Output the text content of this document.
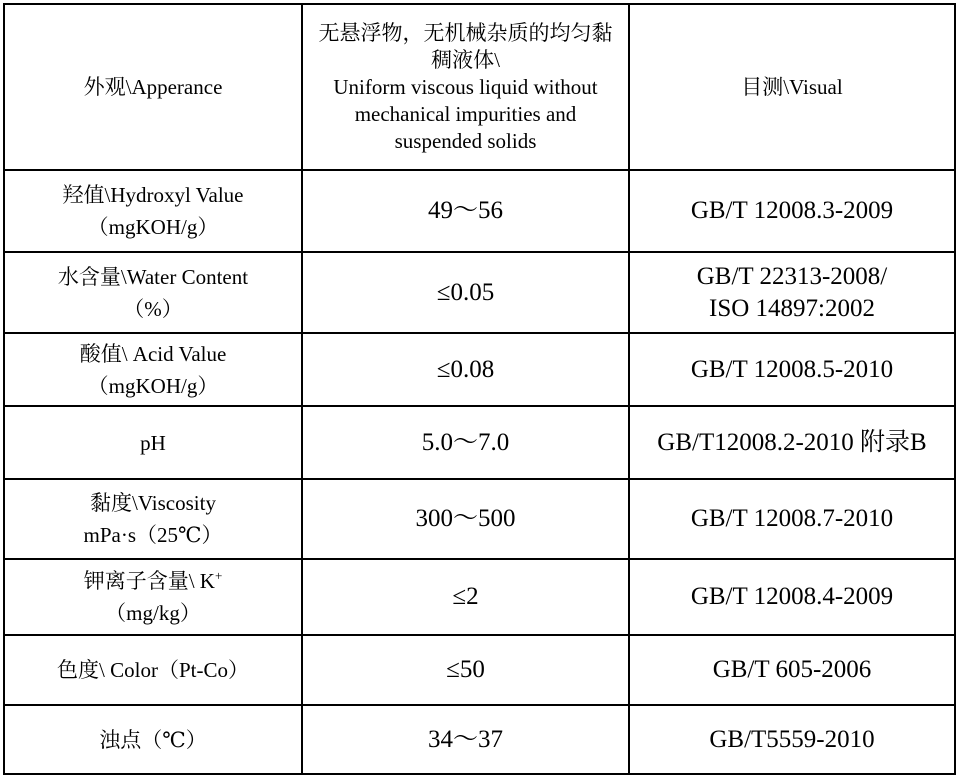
外观\Apperance	无悬浮物，无机械杂质的均匀黏
稠液体\
Uniform viscous liquid without
mechanical impurities and
suspended solids	目测\Visual

羟值\Hydroxyl Value
（mgKOH/g）	49～56	GB/T 12008.3-2009

水含量\Water Content
（%）	≤0.05	GB/T 22313-2008/
ISO 14897:2002

酸值\ Acid Value
（mgKOH/g）	≤0.08	GB/T 12008.5-2010

pH	5.0～7.0	GB/T12008.2-2010 附录B

黏度\Viscosity
mPa·s（25℃）	300～500	GB/T 12008.7-2010

钾离子含量\ K+
（mg/kg）	≤2	GB/T 12008.4-2009

色度\ Color（Pt-Co）	≤50	GB/T 605-2006

浊点（℃）	34～37	GB/T5559-2010
